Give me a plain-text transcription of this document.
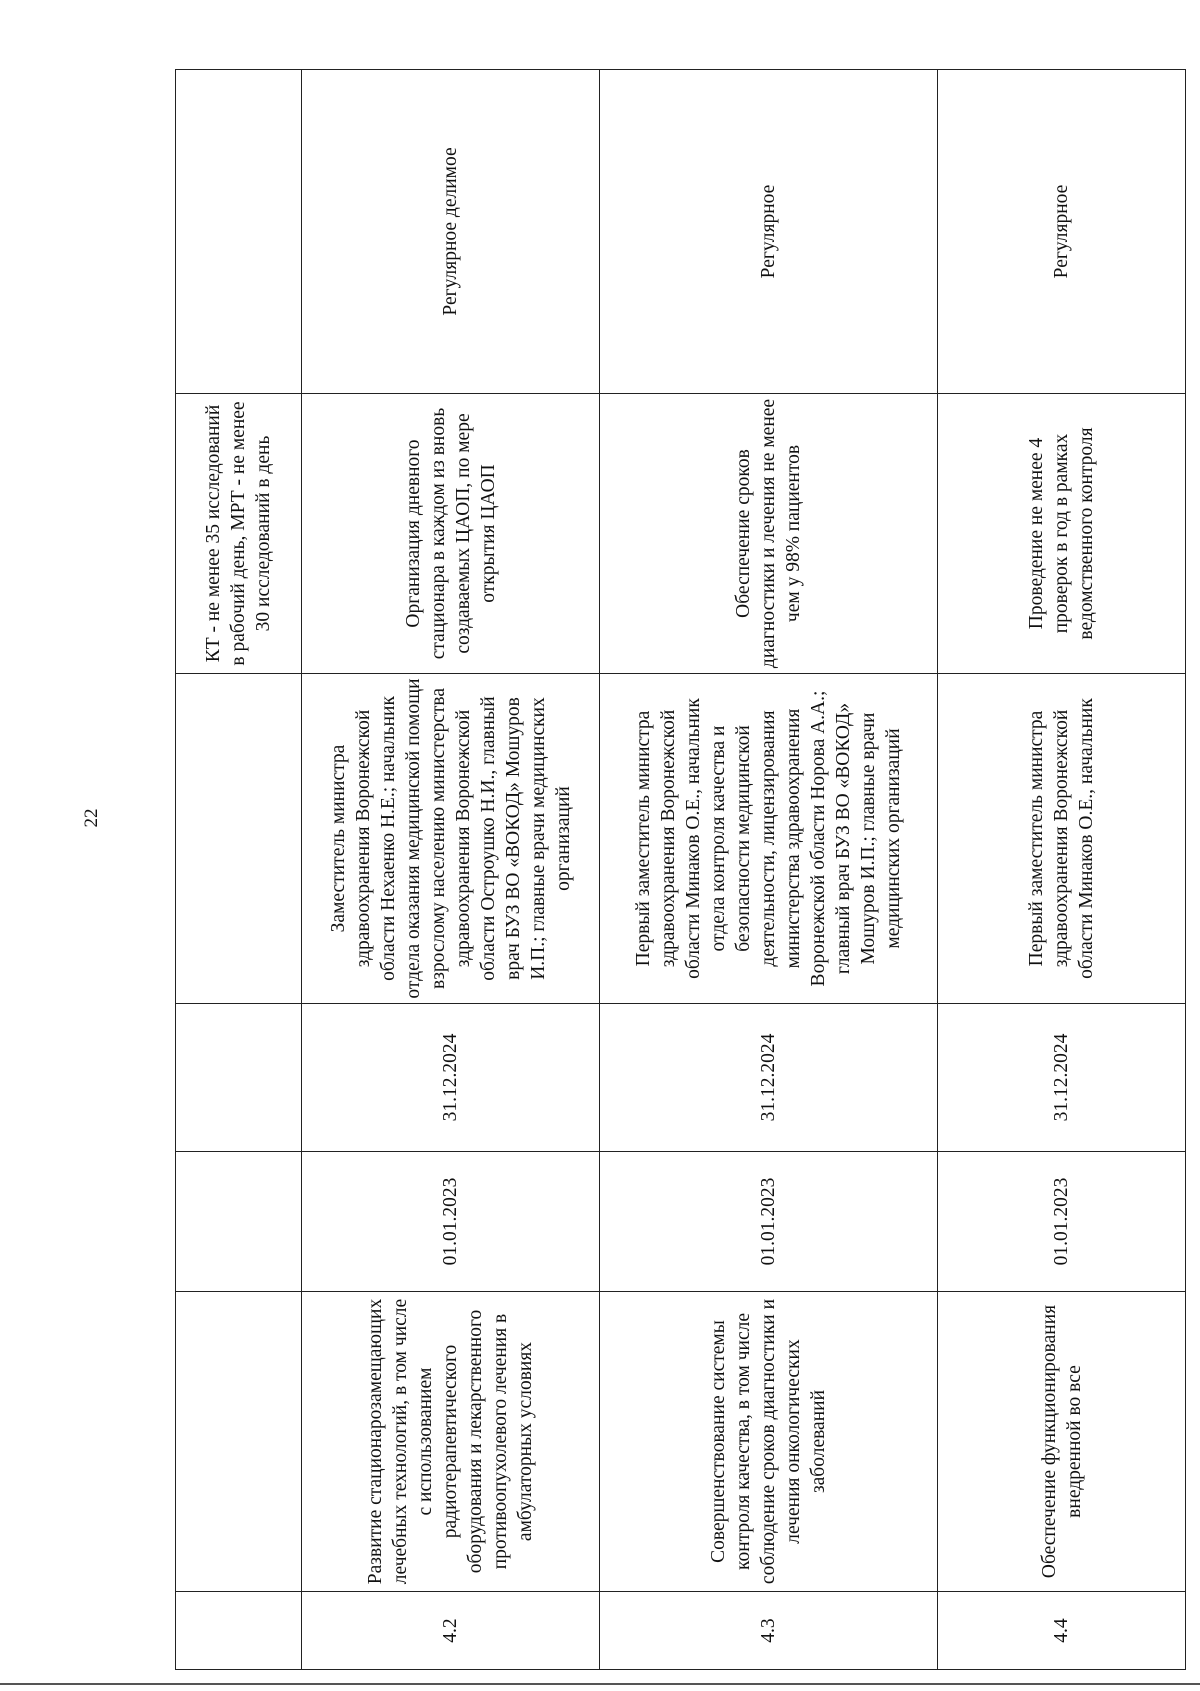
22
					КТ - не менее 35 исследований в рабочий день, МРТ - не менее 30 исследований в день	
4.2	Развитие стационарозамещающих лечебных технологий, в том числе с использованием радиотерапевтического оборудования и лекарственного противоопухолевого лечения в амбулаторных условиях	01.01.2023	31.12.2024	Заместитель министра здравоохранения Воронежской области Нехаенко Н.Е.; начальник отдела оказания медицинской помощи взрослому населению министерства здравоохранения Воронежской области Остроушко Н.И., главный врач БУЗ ВО «ВОКОД» Мошуров И.П.; главные врачи медицинских организаций	Организация дневного стационара в каждом из вновь создаваемых ЦАОП, по мере открытия ЦАОП	Регулярное делимое
4.3	Совершенствование системы контроля качества, в том числе соблюдение сроков диагностики и лечения онкологических заболеваний	01.01.2023	31.12.2024	Первый заместитель министра здравоохранения Воронежской области Минаков О.Е., начальник отдела контроля качества и безопасности медицинской деятельности, лицензирования министерства здравоохранения Воронежской области Норова А.А.; главный врач БУЗ ВО «ВОКОД» Мошуров И.П.; главные врачи медицинских организаций	Обеспечение сроков диагностики и лечения не менее чем у 98% пациентов	Регулярное
4.4	Обеспечение функционирования внедренной во все	01.01.2023	31.12.2024	Первый заместитель министра здравоохранения Воронежской области Минаков О.Е., начальник	Проведение не менее 4 проверок в год в рамках ведомственного контроля	Регулярное
